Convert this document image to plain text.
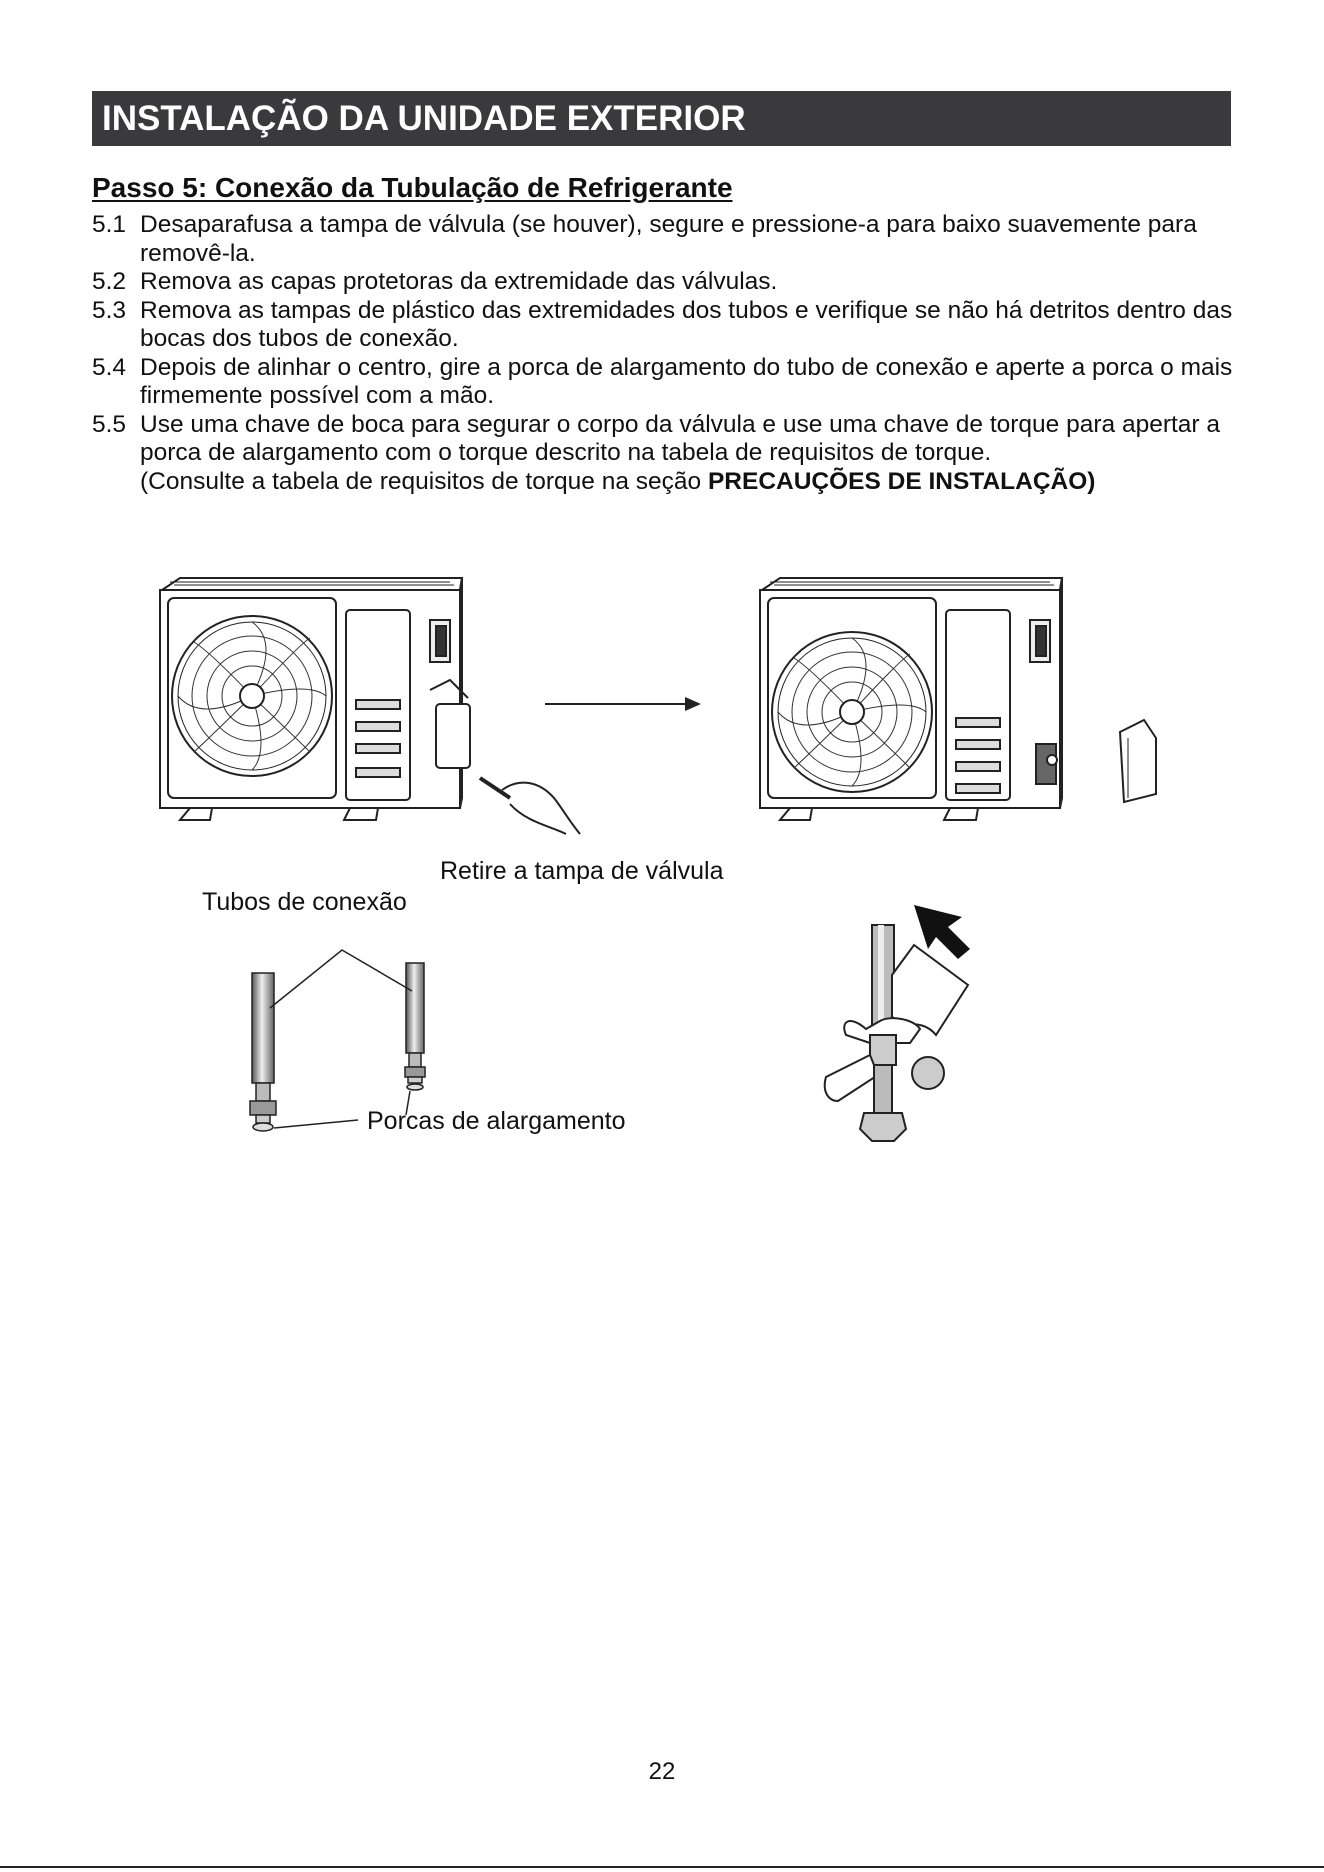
INSTALAÇÃO DA UNIDADE EXTERIOR
Passo 5: Conexão da Tubulação de Refrigerante
5.1 Desaparafusa a tampa de válvula (se houver), segure e pressione-a para baixo suavemente para removê-la.
5.2 Remova as capas protetoras da extremidade das válvulas.
5.3 Remova as tampas de plástico das extremidades dos tubos e verifique se não há detritos dentro das bocas dos tubos de conexão.
5.4 Depois de alinhar o centro, gire a porca de alargamento do tubo de conexão e aperte a porca o mais firmemente possível com a mão.
5.5 Use uma chave de boca para segurar o corpo da válvula e use uma chave de torque para apertar a porca de alargamento com o torque descrito na tabela de requisitos de torque.
(Consulte a tabela de requisitos de torque na seção PRECAUÇÕES DE INSTALAÇÃO)
Retire a tampa de válvula
Tubos de conexão
Porcas de alargamento
22
